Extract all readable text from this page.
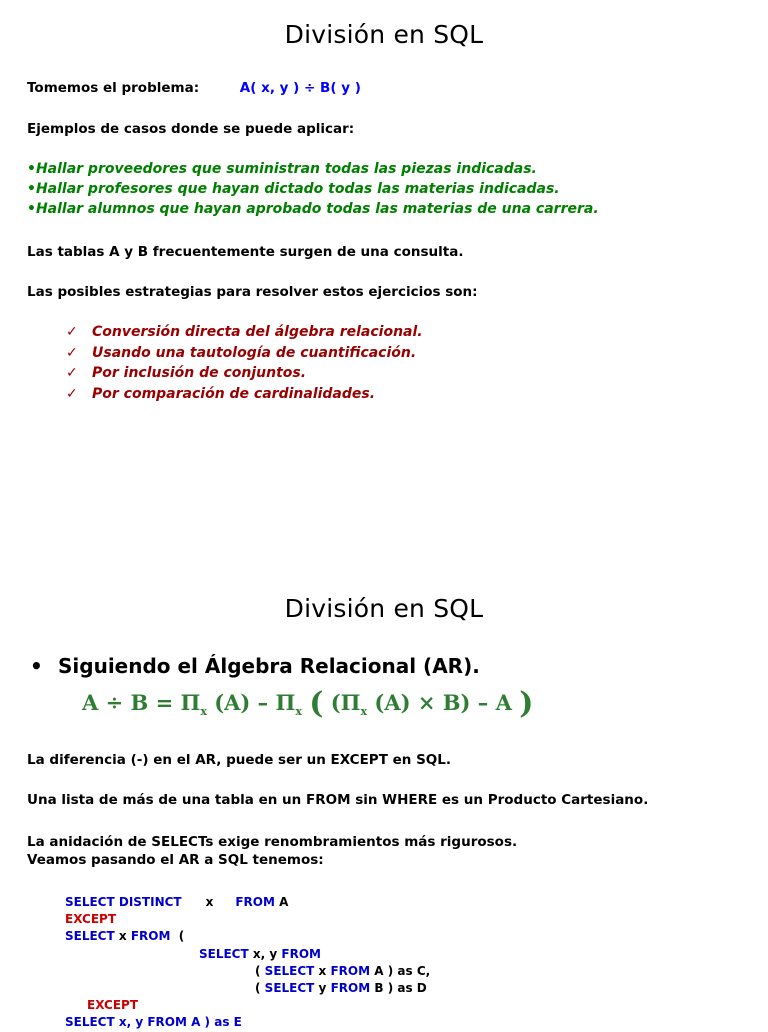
División en SQL
Tomemos el problema:	A( x, y ) ÷ B( y )
Ejemplos de casos donde se puede aplicar:
•Hallar proveedores que suministran todas las piezas indicadas.
•Hallar profesores que hayan dictado todas las materias indicadas.
•Hallar alumnos que hayan aprobado todas las materias de una carrera.
Las tablas A y B frecuentemente surgen de una consulta.
Las posibles estrategias para resolver estos ejercicios son:
✓ Conversión directa del álgebra relacional.
✓ Usando una tautología de cuantificación.
✓ Por inclusión de conjuntos.
✓ Por comparación de cardinalidades.
División en SQL
• Siguiendo el Álgebra Relacional (AR).
$A \div B = \Pi_x$ $(A) - \Pi_x$ ( ($\Pi_x$ (A) × B) – A )
La diferencia (-) en el AR, puede ser un EXCEPT en SQL.
Una lista de más de una tabla en un FROM sin WHERE es un Producto Cartesiano.
La anidación de SELECTs exige renombramientos más rigurosos.
Veamos pasando el AR a SQL tenemos:
SELECT DISTINCT x FROM A
EXCEPT
SELECT x FROM (
SELECT x, y FROM
( SELECT x FROM A ) as C,
( SELECT y FROM B ) as D
EXCEPT
SELECT x, y FROM A ) as E
